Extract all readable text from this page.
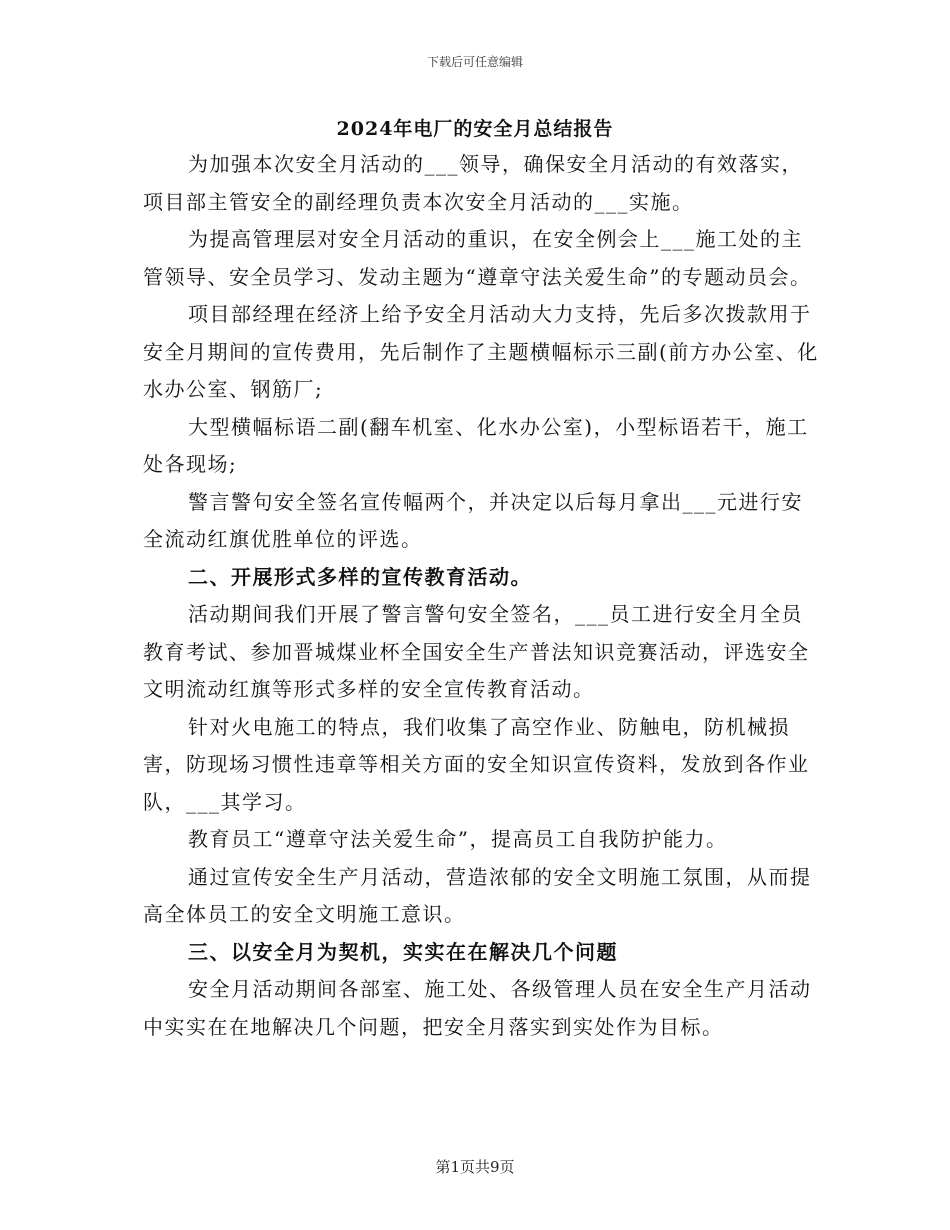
下载后可任意编辑
2024年电厂的安全月总结报告

为加强本次安全月活动的___领导，确保安全月活动的有效落实，项目部主管安全的副经理负责本次安全月活动的___实施。

为提高管理层对安全月活动的重识，在安全例会上___施工处的主管领导、安全员学习、发动主题为“遵章守法关爱生命”的专题动员会。

项目部经理在经济上给予安全月活动大力支持，先后多次拨款用于安全月期间的宣传费用，先后制作了主题横幅标示三副(前方办公室、化水办公室、钢筋厂;

大型横幅标语二副(翻车机室、化水办公室)，小型标语若干，施工处各现场;

警言警句安全签名宣传幅两个，并决定以后每月拿出___元进行安全流动红旗优胜单位的评选。

二、开展形式多样的宣传教育活动。

活动期间我们开展了警言警句安全签名，___员工进行安全月全员教育考试、参加晋城煤业杯全国安全生产普法知识竞赛活动，评选安全文明流动红旗等形式多样的安全宣传教育活动。

针对火电施工的特点，我们收集了高空作业、防触电，防机械损害，防现场习惯性违章等相关方面的安全知识宣传资料，发放到各作业队，___其学习。

教育员工“遵章守法关爱生命”，提高员工自我防护能力。

通过宣传安全生产月活动，营造浓郁的安全文明施工氛围，从而提高全体员工的安全文明施工意识。

三、以安全月为契机，实实在在解决几个问题

安全月活动期间各部室、施工处、各级管理人员在安全生产月活动中实实在在地解决几个问题，把安全月落实到实处作为目标。

第1页共9页
